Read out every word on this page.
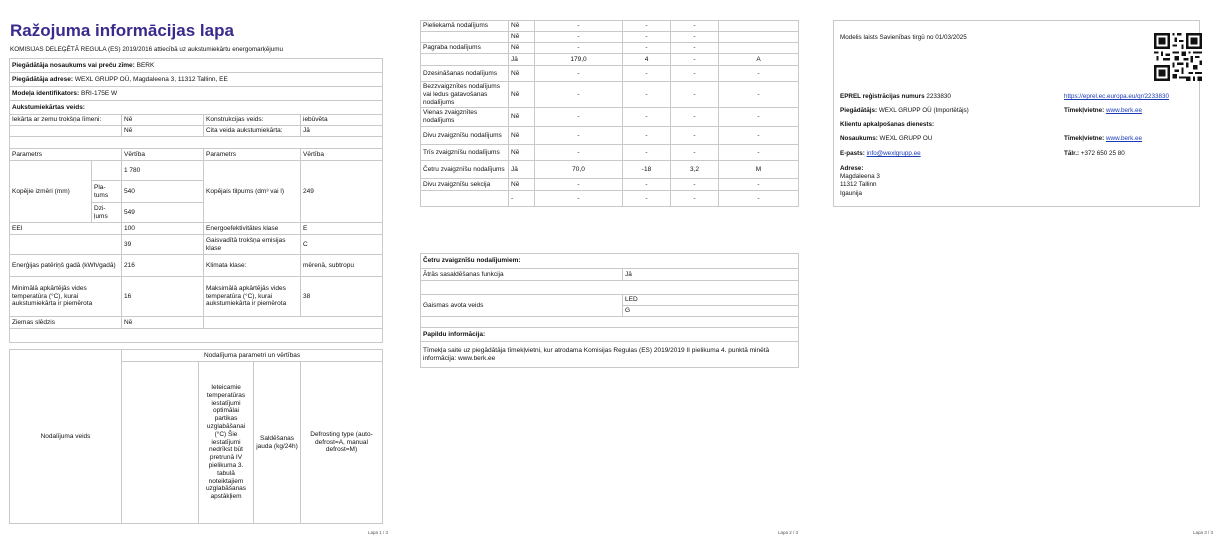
Ražojuma informācijas lapa
KOMISIJAS DELEĢĒTĀ REGULA (ES) 2019/2016 attiecībā uz aukstumiekārtu energomarķējumu
Piegādātāja nosaukums vai preču zīme: BERK				
Piegādātāja adrese: WEXL GRUPP OÜ, Magdaleena 3, 11312 Tallinn, EE				
Modeļa identifikators: BRI-175E W				
Aukstumiekārtas veids:				
Iekārta ar zemu trokšņa līmeni:		Nē	Konstrukcijas veids:	iebūvēta
		Nē	Cita veida aukstumiekārta:	Jā

Parametrs		Vērtība	Parametrs	Vērtība
Kopējie izmēri (mm)		1 780	Kopējais tilpums (dm³ vai l)	249
	Pla-tums	540		
	Dzi-ļums	549		
EEI		100	Energoefektivitātes klase	E
		39	Gaisvadītā trokšņa emisijas klase	C
Enerģijas patēriņš gadā (kWh/gadā)		216	Klimata klase:	mērenā, subtropu
Minimālā apkārtējās vides temperatūra (°C), kurai aukstumiekārta ir piemērota		16	Maksimālā apkārtējās vides temperatūra (°C), kurai aukstumiekārta ir piemērota	38
Ziemas slēdzis		Nē		

Nodalījuma veids	Nodalījuma parametri un vērtības			
		Ieteicamie temperatūras iestatījumi optimālai partikas uzglabāšanai (°C) Šie iestatījumi nedrīkst būt pretrunā IV pielikuma 3. tabulā noteiktajiem uzglabāšanas apstākļiem	Saldēšanas jauda (kg/24h)	Defrosting type (auto-defrost=A, manual defrost=M)
Lapa 1 / 3
Pieliekamā nodalījums	Nē	-	-	-	
	Nē	-	-	-	
Pagraba nodalījums	Nē	-	-	-	
	Jā	179,0	4	-	A
Dzesināšanas nodalījums	Nē	-	-	-	-
Bezzvaigznītes nodalījums vai ledus gatavošanas nodalījums	Nē	-	-	-	-
Vienas zvaigznītes nodalījums	Nē	-	-	-	-
Divu zvaigznīšu nodalījums	Nē	-	-	-	-
Trīs zvaigznīšu nodalījums	Nē	-	-	-	-
Četru zvaigznīšu nodalījums	Jā	70,0	-18	3,2	M
Divu zvaigznīšu sekcija	Nē	-	-	-	-
	-	-	-	-	-
Četru zvaigznīšu nodalījumiem:	
Ātrās sasaldēšanas funkcija	Jā

Gaismas avota veids	LED
	G

Papildu informācija:	
Tīmekļa saite uz piegādātāja tīmekļvietni, kur atrodama Komisijas Regulas (ES) 2019/2019 II pielikuma 4. punktā minētā informācija: www.berk.ee	
Lapa 2 / 3
Modelis laists Savienības tirgū no 01/03/2025
EPREL reģistrācijas numurs 2233830	https://eprel.ec.europa.eu/qr/2233830
Piegādātājs: WEXL GRUPP OÜ (Importētājs)	Tīmekļvietne: www.berk.ee
Klientu apkalpošanas dienests:
Nosaukums: WEXL GRUPP OU	Tīmekļvietne: www.berk.ee
E-pasts: info@wexlgrupp.ee	Tālr.: +372 650 25 80
Adrese:
Magdaleena 3
11312 Tallinn
Igaunija
Lapa 3 / 3
